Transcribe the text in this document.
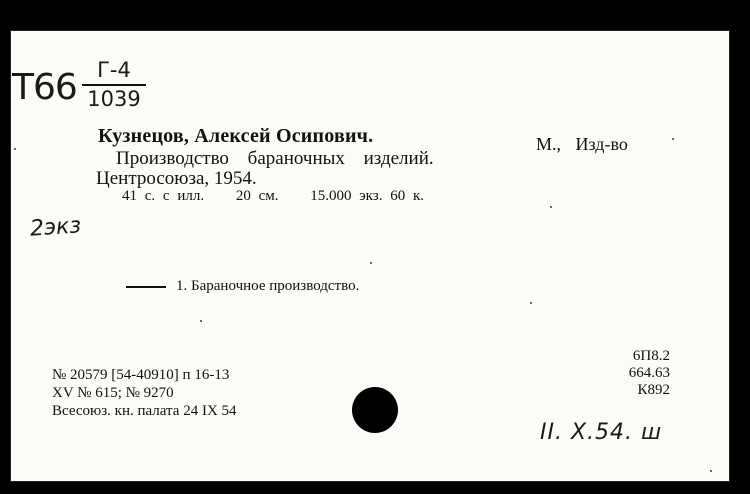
Т66 Г-4
1039
Кузнецов, Алексей Осипович.
Производство бараночных изделий.
М., Изд-во
Центросоюза, 1954.
41 с. с илл. 20 см. 15.000 экз. 60 к.
2экз
1. Бараночное производство.
№ 20579 [54-40910] п 16-13
XV № 615; № 9270
Всесоюз. кн. палата 24 IX 54
6П8.2
664.63
К892
II. Х.54. ш
